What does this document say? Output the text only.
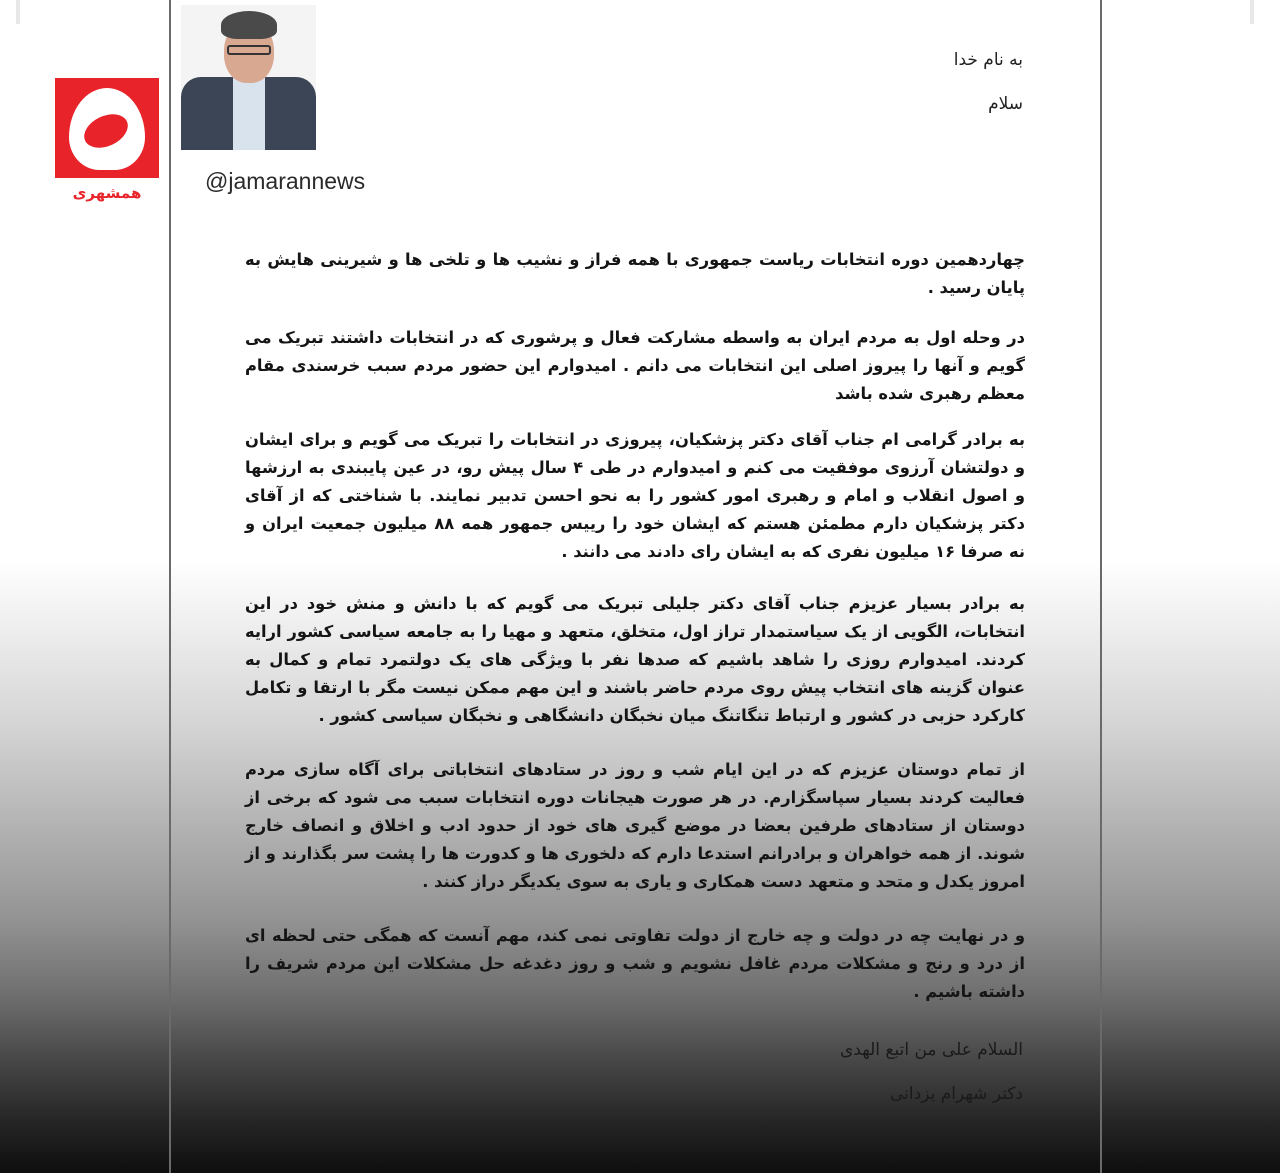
همشهری	@jamarannews
به نام خدا
سلام
چهاردهمین دوره انتخابات ریاست جمهوری با همه فراز و نشیب ها و تلخی ها و شیرینی هایش به پایان رسید .
در وحله اول به مردم ایران به واسطه مشارکت فعال و پرشوری که در انتخابات داشتند تبریک می گویم و آنها را پیروز اصلی این انتخابات می دانم . امیدوارم این حضور مردم سبب خرسندی مقام معظم رهبری شده باشد
به برادر گرامی ام جناب آقای دکتر پزشکیان، پیروزی در انتخابات را تبریک می گویم و برای ایشان و دولتشان آرزوی موفقیت می کنم و امیدوارم در طی ۴ سال پیش رو، در عین پایبندی به ارزشها و اصول انقلاب و امام و رهبری امور کشور را به نحو احسن تدبیر نمایند. با شناختی که از آقای دکتر پزشکیان دارم مطمئن هستم که ایشان خود را رییس جمهور همه ۸۸ میلیون جمعیت ایران و نه صرفا ۱۶ میلیون نفری که به ایشان رای دادند می دانند .
به برادر بسیار عزیزم جناب آقای دکتر جلیلی تبریک می گویم که با دانش و منش خود در این انتخابات، الگویی از یک سیاستمدار تراز اول، متخلق، متعهد و مهیا را به جامعه سیاسی کشور ارایه کردند. امیدوارم روزی را شاهد باشیم که صدها نفر با ویژگی های یک دولتمرد تمام و کمال به عنوان گزینه های انتخاب پیش روی مردم حاضر باشند و این مهم ممکن نیست مگر با ارتقا و تکامل کارکرد حزبی در کشور و ارتباط تنگاتنگ میان نخبگان دانشگاهی و نخبگان سیاسی کشور .
از تمام دوستان عزیزم که در این ایام شب و روز در ستادهای انتخاباتی برای آگاه سازی مردم فعالیت کردند بسیار سپاسگزارم. در هر صورت هیجانات دوره انتخابات سبب می شود که برخی از دوستان از ستادهای طرفین بعضا در موضع گیری های خود از حدود ادب و اخلاق و انصاف خارج شوند. از همه خواهران و برادرانم استدعا دارم که دلخوری ها و کدورت ها را پشت سر بگذارند و از امروز یکدل و متحد و متعهد دست همکاری و یاری به سوی یکدیگر دراز کنند .
و در نهایت چه در دولت و چه خارج از دولت تفاوتی نمی کند، مهم آنست که همگی حتی لحظه ای از درد و رنج و مشکلات مردم غافل نشویم و شب و روز دغدغه حل مشکلات این مردم شریف را داشته باشیم .
السلام علی من اتبع الهدی
دکتر شهرام یزدانی
